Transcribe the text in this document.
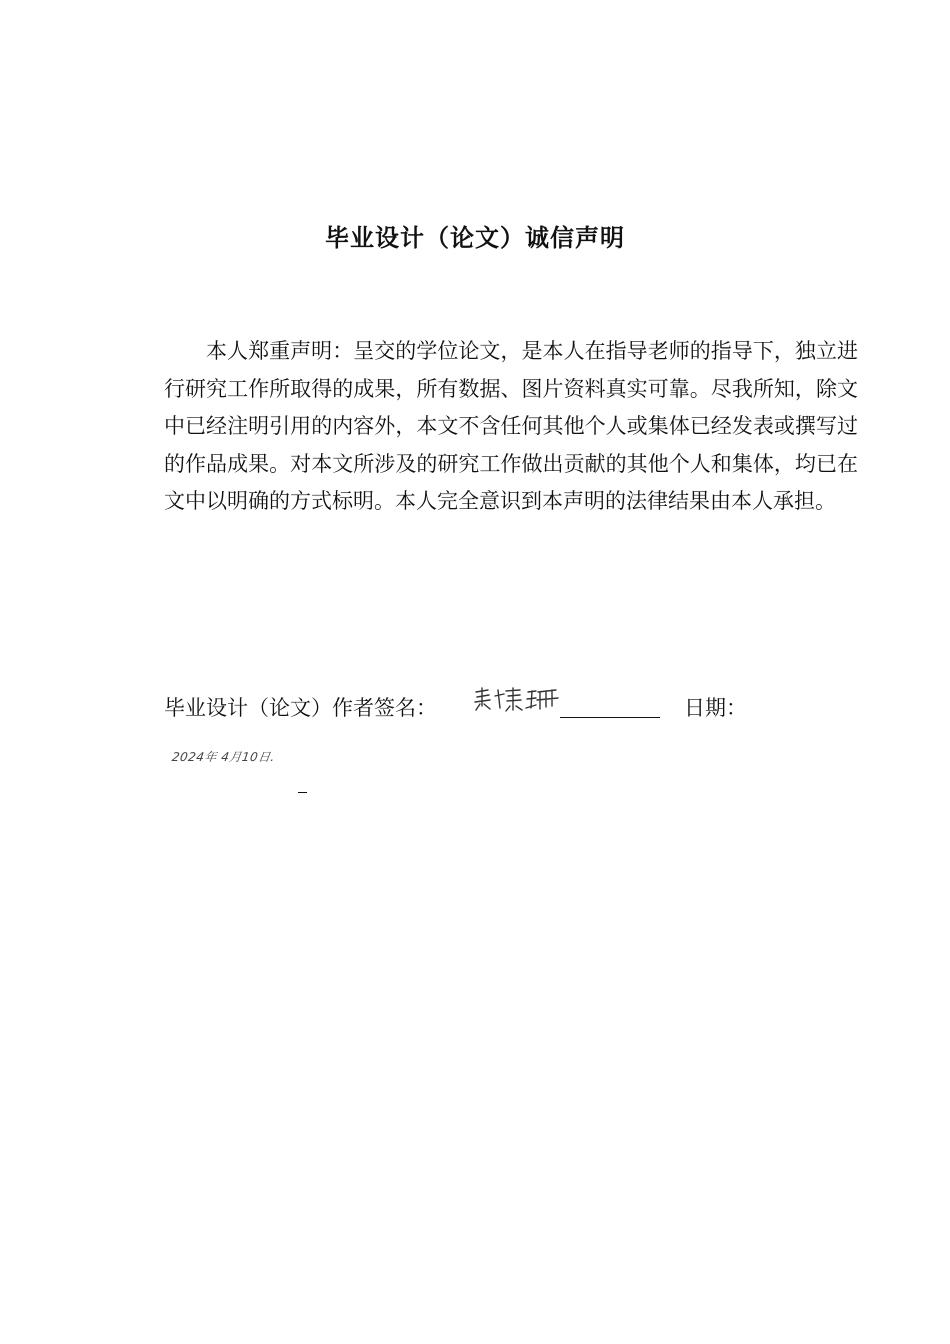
毕业设计（论文）诚信声明

本人郑重声明：呈交的学位论文，是本人在指导老师的指导下，独立进行研究工作所取得的成果，所有数据、图片资料真实可靠。尽我所知，除文中已经注明引用的内容外，本文不含任何其他个人或集体已经发表或撰写过的作品成果。对本文所涉及的研究工作做出贡献的其他个人和集体，均已在文中以明确的方式标明。本人完全意识到本声明的法律结果由本人承担。

毕业设计（论文）作者签名：	日期：
2024年 4月10日.
